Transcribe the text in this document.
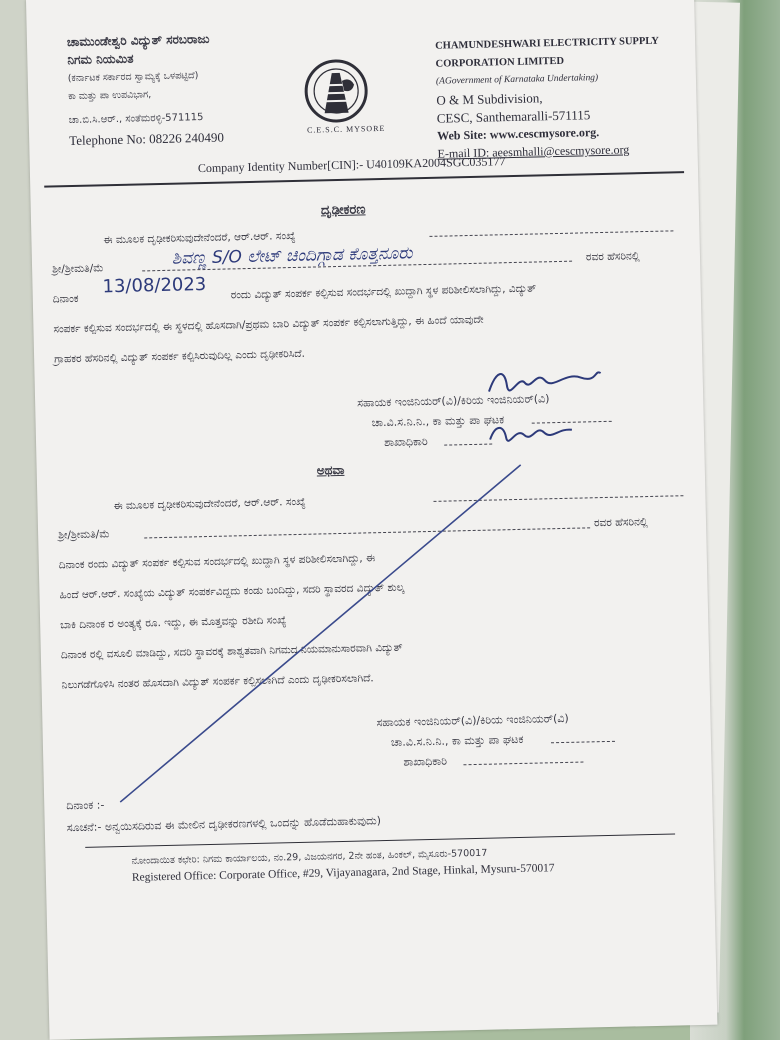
ಚಾಮುಂಡೇಶ್ವರಿ ವಿದ್ಯುತ್ ಸರಬರಾಜು
ನಿಗಮ ನಿಯಮಿತ
(ಕರ್ನಾಟಕ ಸರ್ಕಾರದ ಸ್ವಾಮ್ಯಕ್ಕೆ ಒಳಪಟ್ಟಿದೆ)
ಕಾ ಮತ್ತು ಪಾ ಉಪವಿಭಾಗ,
ಚಾ.ಬಿ.ಸಿ.ಆರ್., ಸಂತೆಮರಳ್ಳಿ-571115
Telephone No: 08226 240490
C.E.S.C. MYSORE
CHAMUNDESHWARI ELECTRICITY SUPPLY
CORPORATION LIMITED
(AGovernment of Karnataka Undertaking)
O & M Subdivision,
CESC, Santhemaralli-571115
Web Site: www.cescmysore.org.
E-mail ID: aeesmhalli@cescmysore.org
Company Identity Number[CIN]:- U40109KA2004SGC035177
ದೃಢೀಕರಣ
ಈ ಮೂಲಕ ದೃಢೀಕರಿಸುವುದೇನೆಂದರೆ, ಆರ್.ಆರ್. ಸಂಖ್ಯೆ
ಶ್ರೀ/ಶ್ರೀಮತಿ/ಮೆ
ಶಿವಣ್ಣ S/O ಲೇಟ್ ಚಿಂದಿಗ್ಗಾಡ ಕೊತ್ತನೂರು	ರವರ ಹೆಸರಿನಲ್ಲಿ
ದಿನಾಂಕ
13/08/2023 ರಂದು ವಿದ್ಯುತ್ ಸಂಪರ್ಕ ಕಲ್ಪಿಸುವ ಸಂದರ್ಭದಲ್ಲಿ ಖುದ್ದಾಗಿ ಸ್ಥಳ ಪರಿಶೀಲಿಸಲಾಗಿದ್ದು, ವಿದ್ಯುತ್
ಸಂಪರ್ಕ ಕಲ್ಪಿಸುವ ಸಂದರ್ಭದಲ್ಲಿ ಈ ಸ್ಥಳದಲ್ಲಿ ಹೊಸದಾಗಿ/ಪ್ರಥಮ ಬಾರಿ ವಿದ್ಯುತ್ ಸಂಪರ್ಕ ಕಲ್ಪಿಸಲಾಗುತ್ತಿದ್ದು, ಈ ಹಿಂದೆ ಯಾವುದೇ
ಗ್ರಾಹಕರ ಹೆಸರಿನಲ್ಲಿ ವಿದ್ಯುತ್ ಸಂಪರ್ಕ ಕಲ್ಪಿಸಿರುವುದಿಲ್ಲ ಎಂದು ದೃಢೀಕರಿಸಿದೆ.
ಸಹಾಯಕ ಇಂಜಿನಿಯರ್(ವಿ)/ಕಿರಿಯ ಇಂಜಿನಿಯರ್(ವಿ)
ಚಾ.ವಿ.ಸ.ನಿ.ನಿ., ಕಾ ಮತ್ತು ಪಾ ಘಟಕ
ಶಾಖಾಧಿಕಾರಿ
ಅಥವಾ
ಈ ಮೂಲಕ ದೃಢೀಕರಿಸುವುದೇನೆಂದರೆ, ಆರ್.ಆರ್. ಸಂಖ್ಯೆ
ಶ್ರೀ/ಶ್ರೀಮತಿ/ಮೆ
ರವರ ಹೆಸರಿನಲ್ಲಿ
ದಿನಾಂಕ ರಂದು ವಿದ್ಯುತ್ ಸಂಪರ್ಕ ಕಲ್ಪಿಸುವ ಸಂದರ್ಭದಲ್ಲಿ ಖುದ್ದಾಗಿ ಸ್ಥಳ ಪರಿಶೀಲಿಸಲಾಗಿದ್ದು, ಈ
ಹಿಂದೆ ಆರ್.ಆರ್. ಸಂಖ್ಯೆಯ ವಿದ್ಯುತ್ ಸಂಪರ್ಕವಿದ್ದದು ಕಂಡು ಬಂದಿದ್ದು, ಸದರಿ ಸ್ಥಾವರದ ವಿದ್ಯುತ್ ಶುಲ್ಕ
ಬಾಕಿ ದಿನಾಂಕ ರ ಅಂತ್ಯಕ್ಕೆ ರೂ. ಇದ್ದು, ಈ ಮೊತ್ತವನ್ನು ರಶೀದಿ ಸಂಖ್ಯೆ
ದಿನಾಂಕ ರಲ್ಲಿ ವಸೂಲಿ ಮಾಡಿದ್ದು, ಸದರಿ ಸ್ಥಾವರಕ್ಕೆ ಶಾಶ್ವತವಾಗಿ ನಿಗಮದ ನಿಯಮಾನುಸಾರವಾಗಿ ವಿದ್ಯುತ್
ನಿಲುಗಡೆಗೊಳಿಸಿ ನಂತರ ಹೊಸದಾಗಿ ವಿದ್ಯುತ್ ಸಂಪರ್ಕ ಕಲ್ಪಿಸಲಾಗಿದೆ ಎಂದು ದೃಢೀಕರಿಸಲಾಗಿದೆ.
ಸಹಾಯಕ ಇಂಜಿನಿಯರ್(ವಿ)/ಕಿರಿಯ ಇಂಜಿನಿಯರ್(ವಿ)
ಚಾ.ವಿ.ಸ.ನಿ.ನಿ., ಕಾ ಮತ್ತು ಪಾ ಘಟಕ
ಶಾಖಾಧಿಕಾರಿ
ದಿನಾಂಕ :-
ಸೂಚನೆ:- ಅನ್ವಯಿಸದಿರುವ ಈ ಮೇಲಿನ ದೃಢೀಕರಣಗಳಲ್ಲಿ ಒಂದನ್ನು ಹೊಡೆದುಹಾಕುವುದು)
ನೋಂದಾಯಿತ ಕಛೇರಿ: ನಿಗಮ ಕಾರ್ಯಾಲಯ, ನಂ.29, ವಿಜಯನಗರ, 2ನೇ ಹಂತ, ಹಿಂಕಲ್, ಮೈಸೂರು-570017
Registered Office: Corporate Office, #29, Vijayanagara, 2nd Stage, Hinkal, Mysuru-570017
